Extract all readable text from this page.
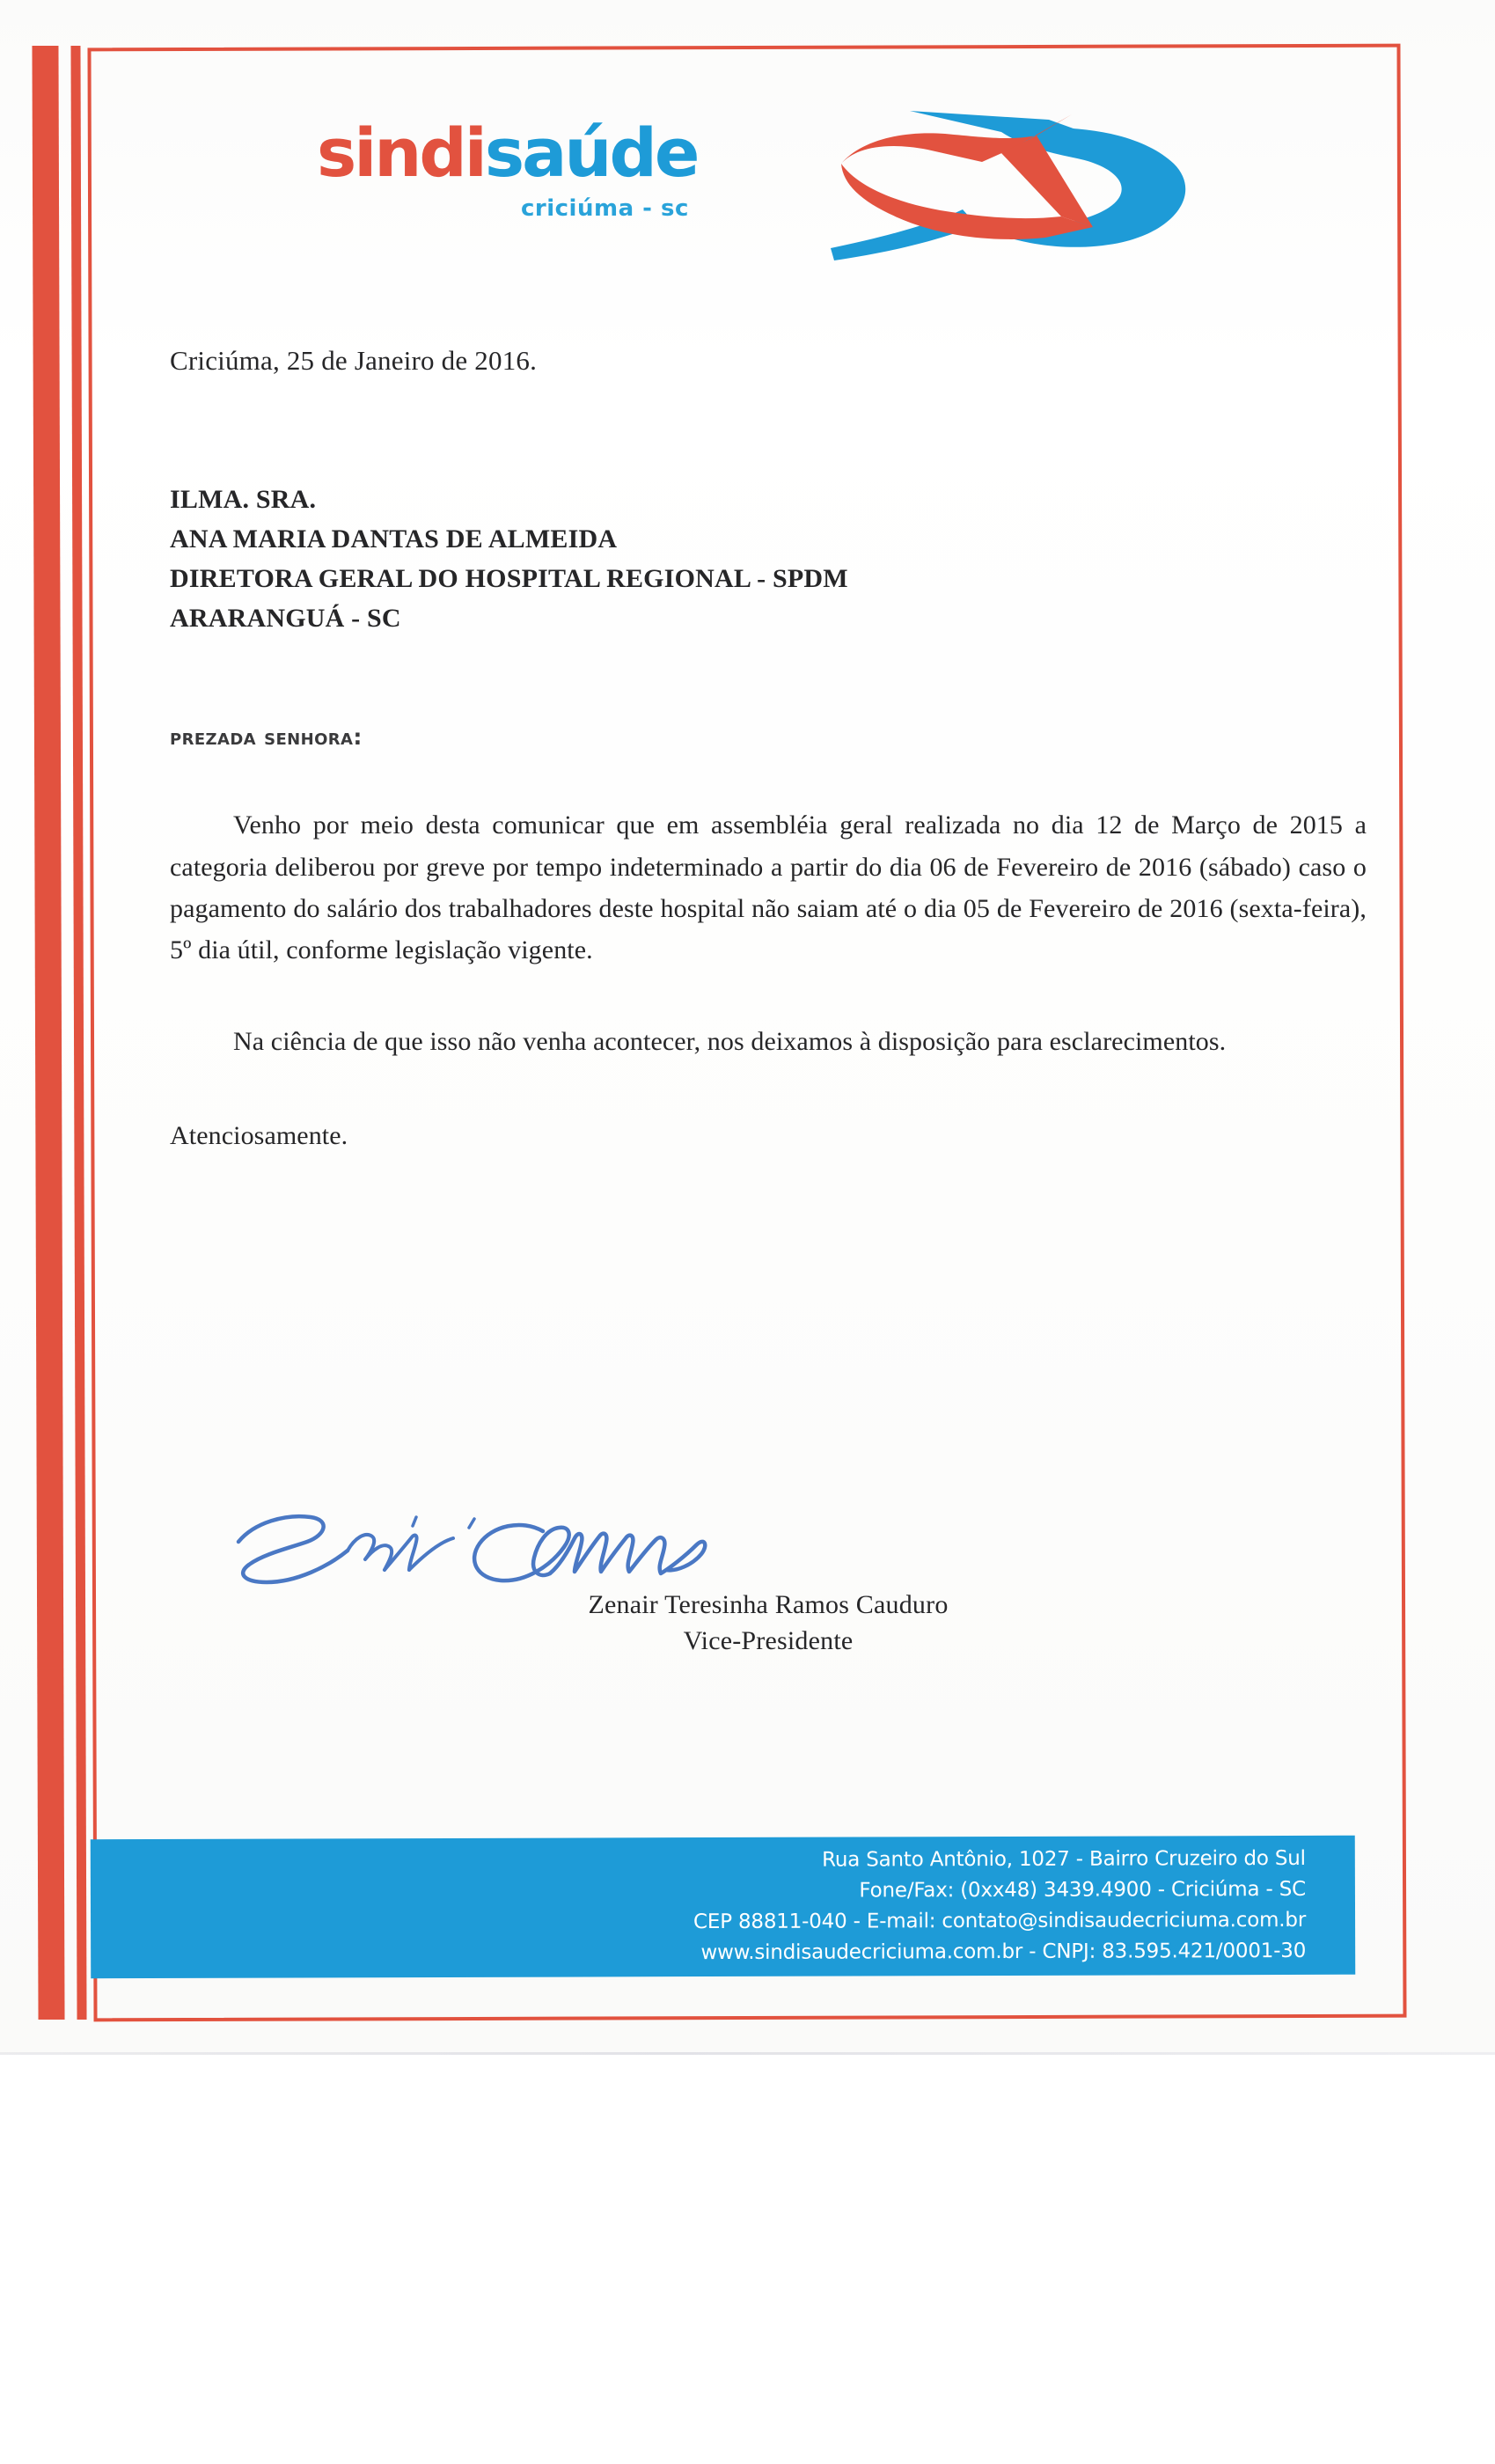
sindisaúde
criciúma - sc
Criciúma, 25 de Janeiro de 2016.
ILMA. SRA.
ANA MARIA DANTAS DE ALMEIDA
DIRETORA GERAL DO HOSPITAL REGIONAL - SPDM
ARARANGUÁ - SC
prezada senhora:

Venho por meio desta comunicar que em assembléia geral realizada no dia 12 de Março de 2015 a categoria deliberou por greve por tempo indeterminado a partir do dia 06 de Fevereiro de 2016 (sábado) caso o pagamento do salário dos trabalhadores deste hospital não saiam até o dia 05 de Fevereiro de 2016 (sexta-feira), 5º dia útil, conforme legislação vigente.

Na ciência de que isso não venha acontecer, nos deixamos à disposição para esclarecimentos.

Atenciosamente.

Zenair Teresinha Ramos Cauduro
Vice-Presidente
Rua Santo Antônio, 1027 - Bairro Cruzeiro do Sul
Fone/Fax: (0xx48) 3439.4900 - Criciúma - SC
CEP 88811-040 - E-mail: contato@sindisaudecriciuma.com.br
www.sindisaudecriciuma.com.br - CNPJ: 83.595.421/0001-30
